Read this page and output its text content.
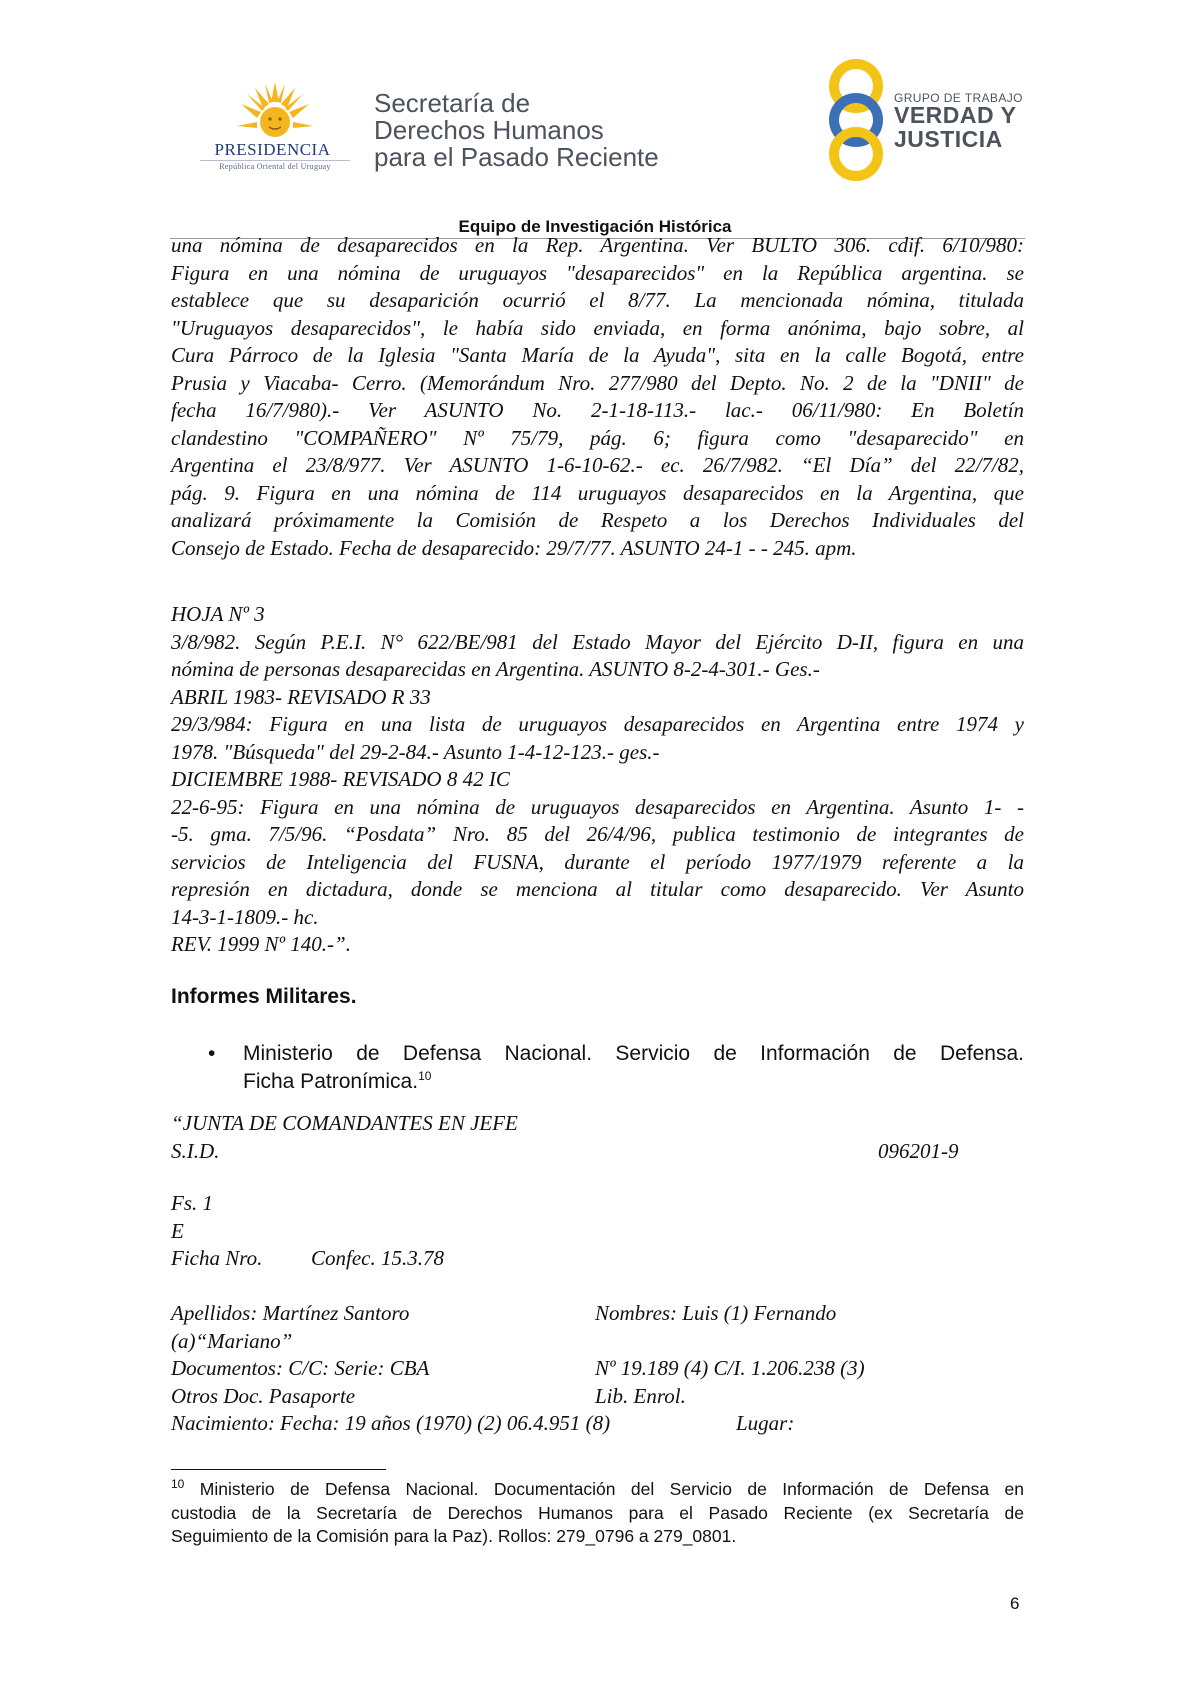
PRESIDENCIA
República Oriental del Uruguay
Secretaría de
Derechos Humanos
para el Pasado Reciente
GRUPO DE TRABAJO
VERDAD Y
JUSTICIA
Equipo de Investigación Histórica
una nómina de desaparecidos en la Rep. Argentina. Ver BULTO 306. cdif. 6/10/980:
Figura en una nómina de uruguayos "desaparecidos" en la República argentina. se
establece que su desaparición ocurrió el 8/77. La mencionada nómina, titulada
"Uruguayos desaparecidos", le había sido enviada, en forma anónima, bajo sobre, al
Cura Párroco de la Iglesia "Santa María de la Ayuda", sita en la calle Bogotá, entre
Prusia y Viacaba- Cerro. (Memorándum Nro. 277/980 del Depto. No. 2 de la "DNII" de
fecha 16/7/980).- Ver ASUNTO No. 2-1-18-113.- lac.- 06/11/980: En Boletín
clandestino "COMPAÑERO" Nº 75/79, pág. 6; figura como "desaparecido" en
Argentina el 23/8/977. Ver ASUNTO 1-6-10-62.- ec. 26/7/982. “El Día” del 22/7/82,
pág. 9. Figura en una nómina de 114 uruguayos desaparecidos en la Argentina, que
analizará próximamente la Comisión de Respeto a los Derechos Individuales del
Consejo de Estado. Fecha de desaparecido: 29/7/77. ASUNTO 24-1 - - 245. apm.
HOJA Nº 3
3/8/982. Según P.E.I. N° 622/BE/981 del Estado Mayor del Ejército D-II, figura en una
nómina de personas desaparecidas en Argentina. ASUNTO 8-2-4-301.- Ges.-
ABRIL 1983- REVISADO R 33
29/3/984: Figura en una lista de uruguayos desaparecidos en Argentina entre 1974 y
1978. "Búsqueda" del 29-2-84.- Asunto 1-4-12-123.- ges.-
DICIEMBRE 1988- REVISADO 8 42 IC
22-6-95: Figura en una nómina de uruguayos desaparecidos en Argentina. Asunto 1- -
-5. gma. 7/5/96. “Posdata” Nro. 85 del 26/4/96, publica testimonio de integrantes de
servicios de Inteligencia del FUSNA, durante el período 1977/1979 referente a la
represión en dictadura, donde se menciona al titular como desaparecido. Ver Asunto
14-3-1-1809.- hc.
REV. 1999 Nº 140.-”.
Informes Militares.
• Ministerio de Defensa Nacional. Servicio de Información de Defensa.
Ficha Patronímica.$^{10}$
“JUNTA DE COMANDANTES EN JEFE
S.I.D.	096201-9
Fs. 1
E
Ficha Nro. Confec. 15.3.78
Apellidos: Martínez Santoro	Nombres: Luis (1) Fernando
(a)“Mariano”
Documentos: C/C: Serie: CBA	Nº 19.189 (4) C/I. 1.206.238 (3)
Otros Doc. Pasaporte	Lib. Enrol.
Nacimiento: Fecha: 19 años (1970) (2) 06.4.951 (8)	Lugar:
$^{10}$ Ministerio de Defensa Nacional. Documentación del Servicio de Información de Defensa en
custodia de la Secretaría de Derechos Humanos para el Pasado Reciente (ex Secretaría de
Seguimiento de la Comisión para la Paz). Rollos: 279_0796 a 279_0801.
6
